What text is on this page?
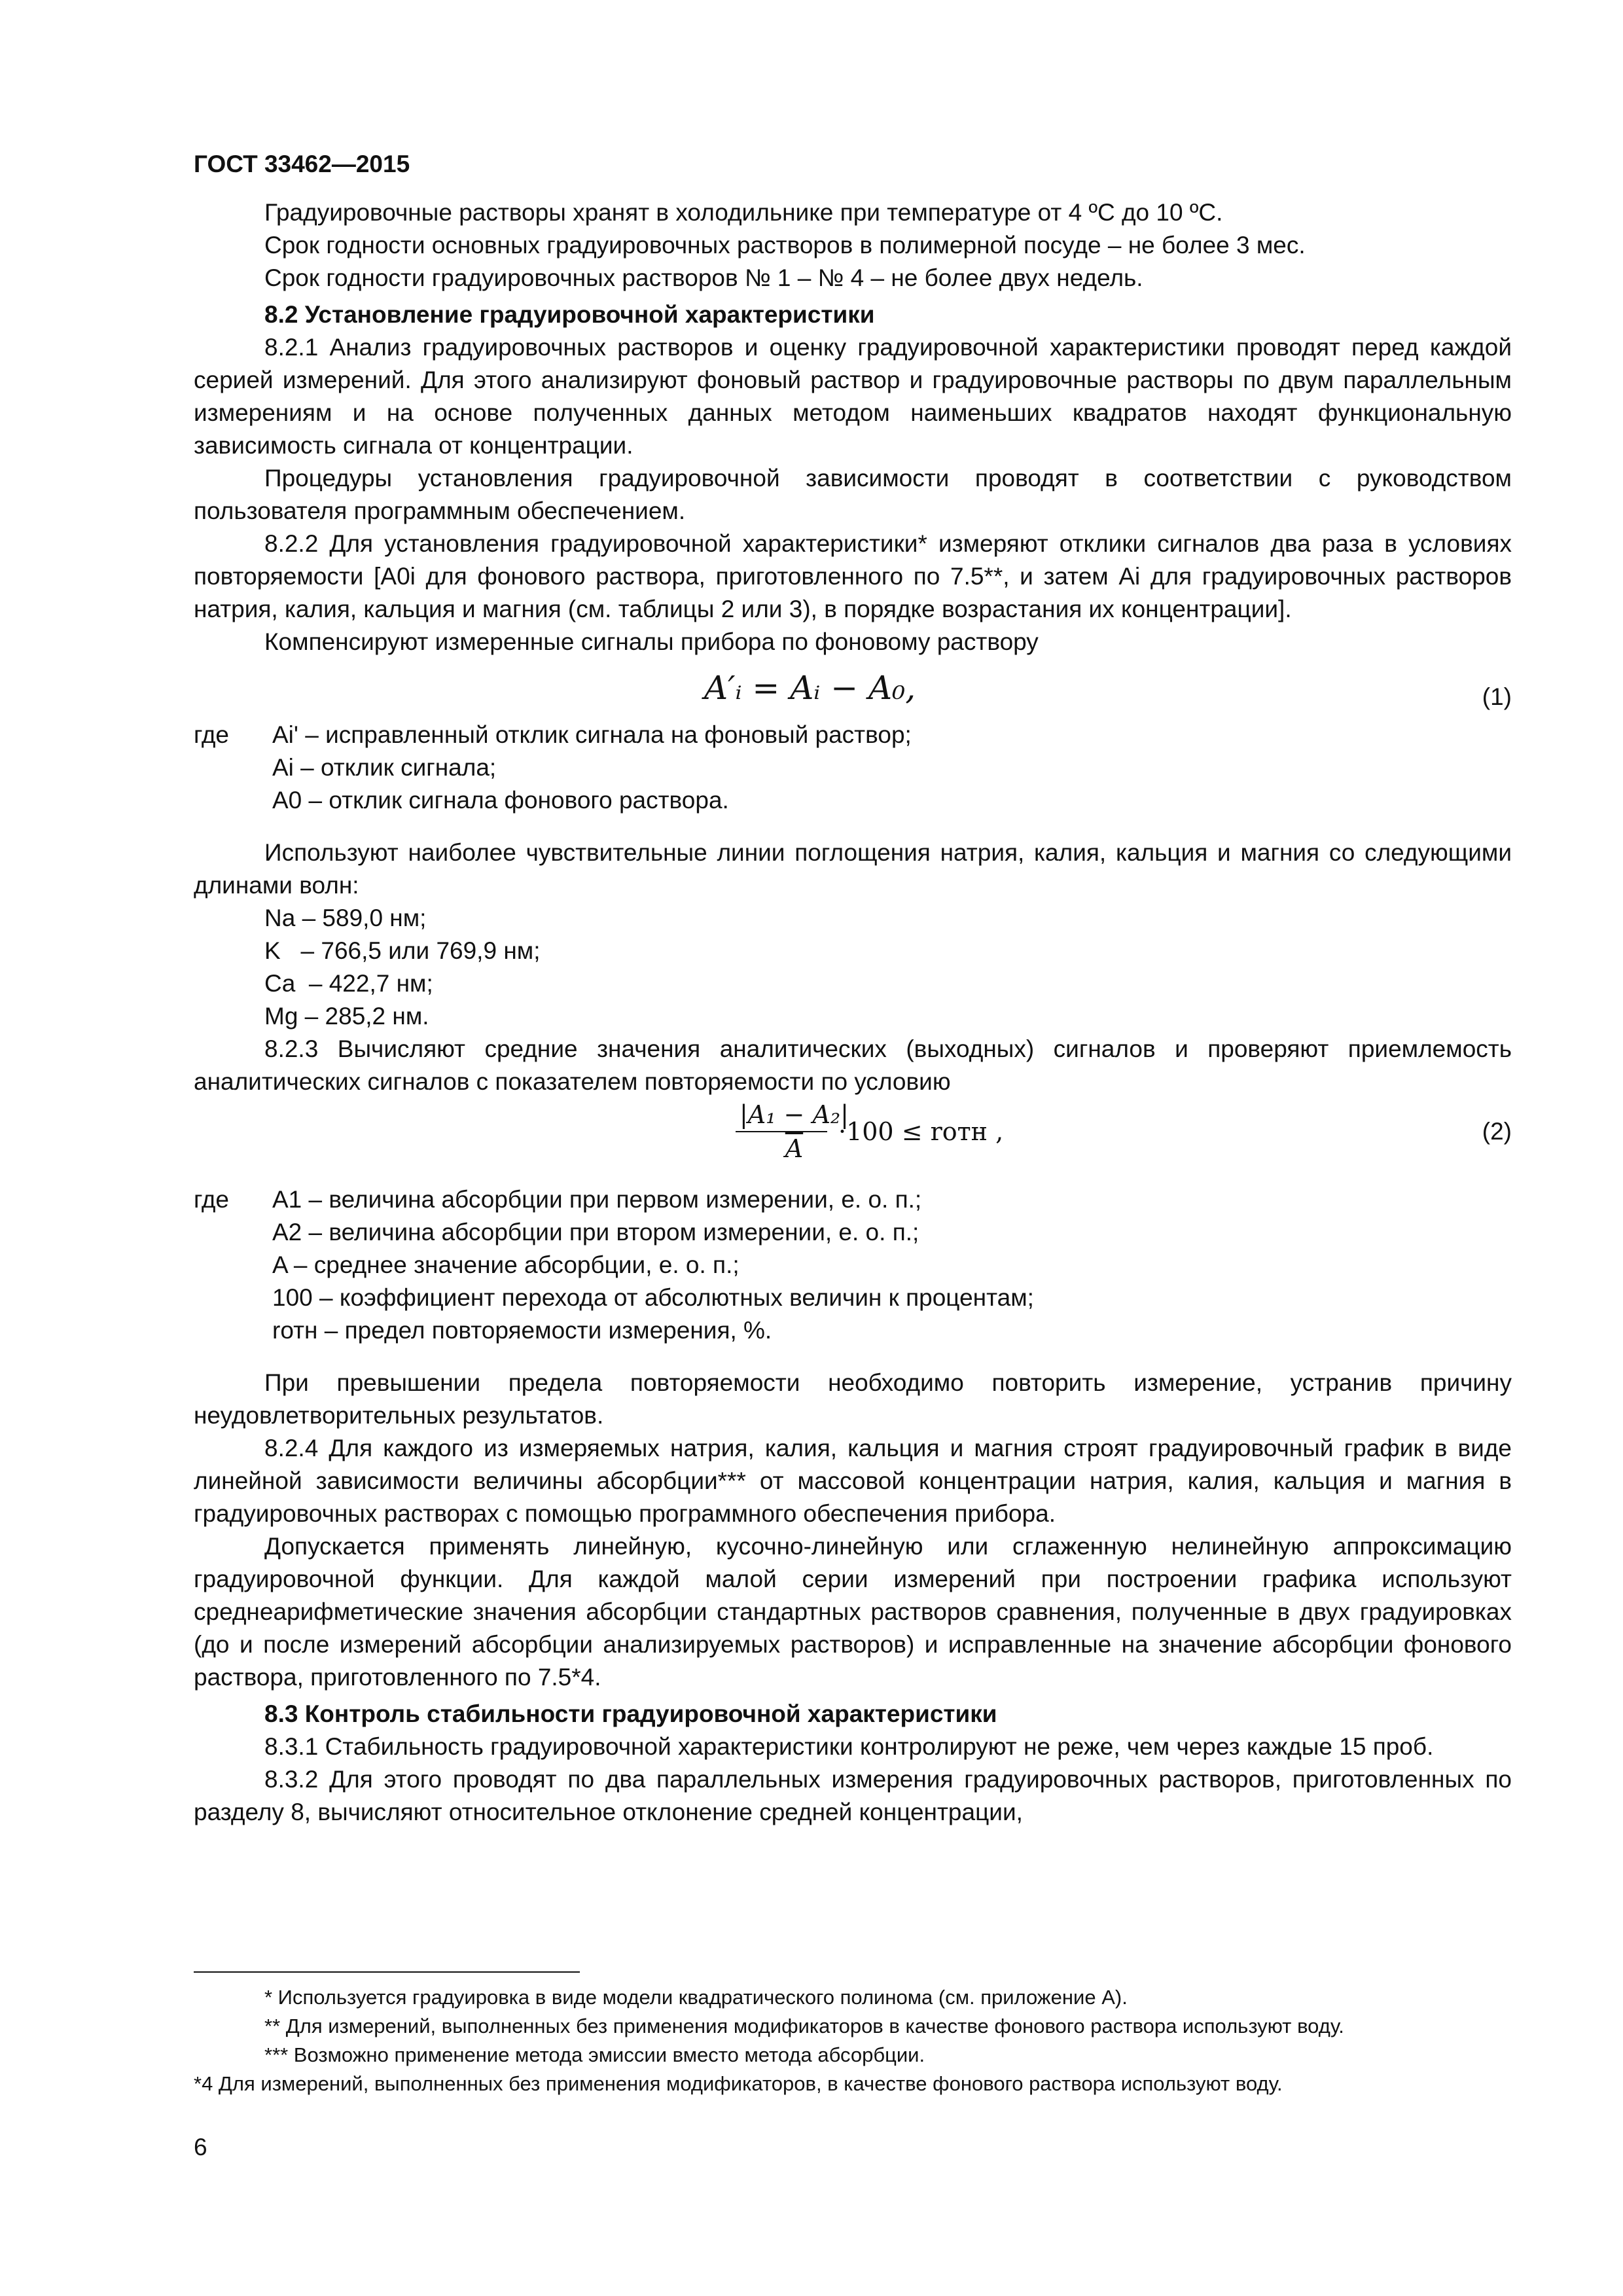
ГОСТ 33462—2015

Градуировочные растворы хранят в холодильнике при температуре от 4 ºС до 10 ºС.

Срок годности основных градуировочных растворов в полимерной посуде – не более 3 мес.

Срок годности градуировочных растворов № 1 – № 4 – не более двух недель.

8.2 Установление градуировочной характеристики

8.2.1 Анализ градуировочных растворов и оценку градуировочной характеристики проводят перед каждой серией измерений. Для этого анализируют фоновый раствор и градуировочные растворы по двум параллельным измерениям и на основе полученных данных методом наименьших квадратов находят функциональную зависимость сигнала от концентрации.

Процедуры установления градуировочной зависимости проводят в соответствии с руководством пользователя программным обеспечением.

8.2.2 Для установления градуировочной характеристики* измеряют отклики сигналов два раза в условиях повторяемости [A0i для фонового раствора, приготовленного по 7.5**, и затем Ai для градуировочных растворов натрия, калия, кальция и магния (см. таблицы 2 или 3), в порядке возрастания их концентрации].

Компенсируют измеренные сигналы прибора по фоновому раствору

A′ᵢ = Aᵢ − A₀,	(1)
где Ai' – исправленный отклик сигнала на фоновый раствор;
Ai – отклик сигнала;
A0 – отклик сигнала фонового раствора.

Используют наиболее чувствительные линии поглощения натрия, калия, кальция и магния со следующими длинами волн:

Na – 589,0 нм;

K   – 766,5 или 769,9 нм;

Ca  – 422,7 нм;

Mg – 285,2 нм.

8.2.3 Вычисляют средние значения аналитических (выходных) сигналов и проверяют приемлемость аналитических сигналов с показателем повторяемости по условию

$\frac{\text{|A₁ − A₂|}}{A}$
·100 ≤ rотн ,	(2)
где A1 – величина абсорбции при первом измерении, е. о. п.;
A2 – величина абсорбции при втором измерении, е. о. п.;
A – среднее значение абсорбции, е. о. п.;
100 – коэффициент перехода от абсолютных величин к процентам;
rотн – предел повторяемости измерения, %.

При превышении предела повторяемости необходимо повторить измерение, устранив причину неудовлетворительных результатов.

8.2.4 Для каждого из измеряемых натрия, калия, кальция и магния строят градуировочный график в виде линейной зависимости величины абсорбции*** от массовой концентрации натрия, калия, кальция и магния в градуировочных растворах с помощью программного обеспечения прибора.

Допускается применять линейную, кусочно-линейную или сглаженную нелинейную аппроксимацию градуировочной функции. Для каждой малой серии измерений при построении графика используют среднеарифметические значения абсорбции стандартных растворов сравнения, полученные в двух градуировках (до и после измерений абсорбции анализируемых растворов) и исправленные на значение абсорбции фонового раствора, приготовленного по 7.5*4.

8.3 Контроль стабильности градуировочной характеристики

8.3.1 Стабильность градуировочной характеристики контролируют не реже, чем через каждые 15 проб.

8.3.2 Для этого проводят по два параллельных измерения градуировочных растворов, приготовленных по разделу 8, вычисляют относительное отклонение средней концентрации,

* Используется градуировка в виде модели квадратического полинома (см. приложение А).

** Для измерений, выполненных без применения модификаторов в качестве фонового раствора используют воду.

*** Возможно применение метода эмиссии вместо метода абсорбции.

*4 Для измерений, выполненных без применения модификаторов, в качестве фонового раствора используют воду.

6
